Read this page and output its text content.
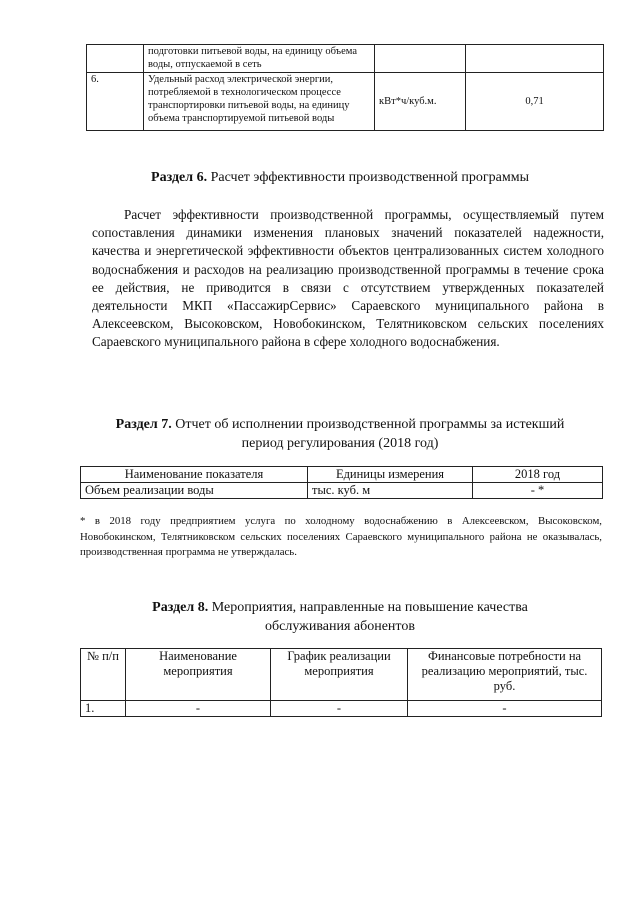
	подготовки питьевой воды, на единицу объема воды, отпускаемой в сеть		
6.	Удельный расход электрической энергии, потребляемой в технологическом процессе транспортировки питьевой воды, на единицу объема транспортируемой питьевой воды	кВт*ч/куб.м.	0,71
Раздел 6. Расчет эффективности производственной программы
Расчет эффективности производственной программы, осуществляемый путем сопоставления динамики изменения плановых значений показателей надежности, качества и энергетической эффективности объектов централизованных систем холодного водоснабжения и расходов на реализацию производственной программы в течение срока ее действия, не приводится в связи с отсутствием утвержденных показателей деятельности МКП «ПассажирСервис» Сараевского муниципального района в Алексеевском, Высоковском, Новобокинском, Телятниковском сельских поселениях Сараевского муниципального района в сфере холодного водоснабжения.
Раздел 7. Отчет об исполнении производственной программы за истекший
период регулирования (2018 год)
Наименование показателя	Единицы измерения	2018 год
Объем реализации воды	тыс. куб. м	- *
* в 2018 году предприятием услуга по холодному водоснабжению в Алексеевском, Высоковском, Новобокинском, Телятниковском сельских поселениях Сараевского муниципального района не оказывалась, производственная программа не утверждалась.
Раздел 8. Мероприятия, направленные на повышение качества
обслуживания абонентов
№ п/п	Наименование мероприятия	График реализации мероприятия	Финансовые потребности на реализацию мероприятий, тыс. руб.
1.	-	-	-
